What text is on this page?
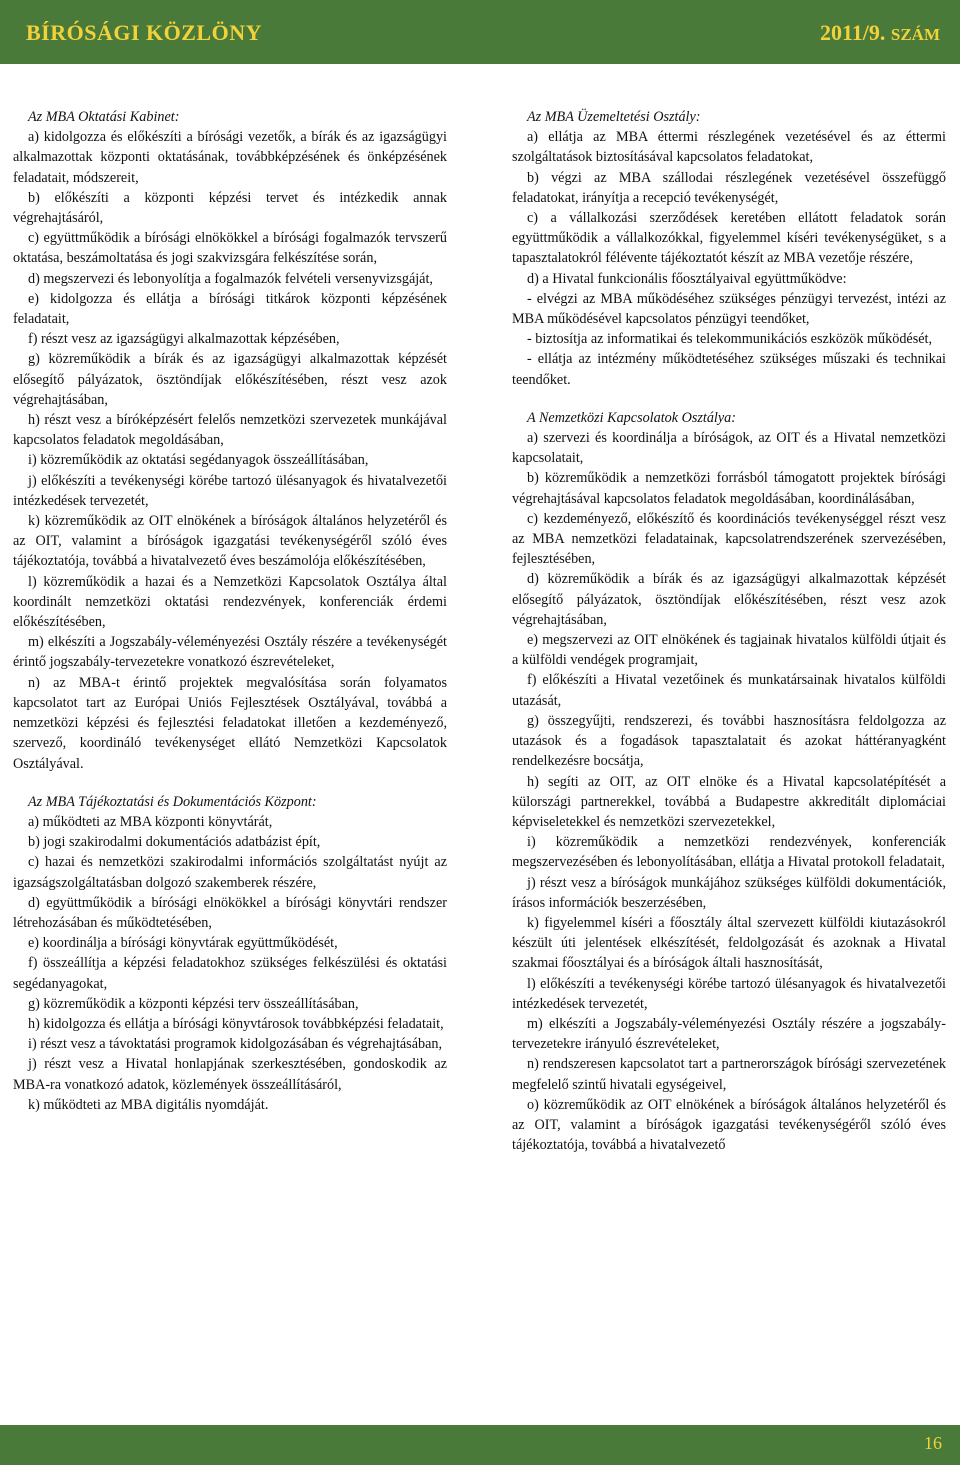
BÍRÓSÁGI KÖZLÖNY	2011/9. SZÁM

Az MBA Oktatási Kabinet:

a) kidolgozza és előkészíti a bírósági vezetők, a bírák és az igazságügyi alkalmazottak központi oktatásának, továbbképzésének és önképzésének feladatait, módszereit,

b) előkészíti a központi képzési tervet és intézkedik annak végrehajtásáról,

c) együttműködik a bírósági elnökökkel a bírósági fogalmazók tervszerű oktatása, beszámoltatása és jogi szakvizsgára felkészítése során,

d) megszervezi és lebonyolítja a fogalmazók felvételi versenyvizsgáját,

e) kidolgozza és ellátja a bírósági titkárok központi képzésének feladatait,

f) részt vesz az igazságügyi alkalmazottak képzésében,

g) közreműködik a bírák és az igazságügyi alkalmazottak képzését elősegítő pályázatok, ösztöndíjak előkészítésében, részt vesz azok végrehajtásában,

h) részt vesz a bíróképzésért felelős nemzetközi szervezetek munkájával kapcsolatos feladatok megoldásában,

i) közreműködik az oktatási segédanyagok összeállításában,

j) előkészíti a tevékenységi körébe tartozó ülésanyagok és hivatalvezetői intézkedések tervezetét,

k) közreműködik az OIT elnökének a bíróságok általános helyzetéről és az OIT, valamint a bíróságok igazgatási tevékenységéről szóló éves tájékoztatója, továbbá a hivatalvezető éves beszámolója előkészítésében,

l) közreműködik a hazai és a Nemzetközi Kapcsolatok Osztálya által koordinált nemzetközi oktatási rendezvények, konferenciák érdemi előkészítésében,

m) elkészíti a Jogszabály-véleményezési Osztály részére a tevékenységét érintő jogszabály-tervezetekre vonatkozó észrevételeket,

n) az MBA-t érintő projektek megvalósítása során folyamatos kapcsolatot tart az Európai Uniós Fejlesztések Osztályával, továbbá a nemzetközi képzési és fejlesztési feladatokat illetően a kezdeményező, szervező, koordináló tevékenységet ellátó Nemzetközi Kapcsolatok Osztályával.

Az MBA Tájékoztatási és Dokumentációs Központ:

a) működteti az MBA központi könyvtárát,

b) jogi szakirodalmi dokumentációs adatbázist épít,

c) hazai és nemzetközi szakirodalmi információs szolgáltatást nyújt az igazságszolgáltatásban dolgozó szakemberek részére,

d) együttműködik a bírósági elnökökkel a bírósági könyvtári rendszer létrehozásában és működtetésében,

e) koordinálja a bírósági könyvtárak együttműködését,

f) összeállítja a képzési feladatokhoz szükséges felkészülési és oktatási segédanyagokat,

g) közreműködik a központi képzési terv összeállításában,

h) kidolgozza és ellátja a bírósági könyvtárosok továbbképzési feladatait,

i) részt vesz a távoktatási programok kidolgozásában és végrehajtásában,

j) részt vesz a Hivatal honlapjának szerkesztésében, gondoskodik az MBA-ra vonatkozó adatok, közlemények összeállításáról,

k) működteti az MBA digitális nyomdáját.

Az MBA Üzemeltetési Osztály:

a) ellátja az MBA éttermi részlegének vezetésével és az éttermi szolgáltatások biztosításával kapcsolatos feladatokat,

b) végzi az MBA szállodai részlegének vezetésével összefüggő feladatokat, irányítja a recepció tevékenységét,

c) a vállalkozási szerződések keretében ellátott feladatok során együttműködik a vállalkozókkal, figyelemmel kíséri tevékenységüket, s a tapasztalatokról félévente tájékoztatót készít az MBA vezetője részére,

d) a Hivatal funkcionális főosztályaival együttműködve:

- elvégzi az MBA működéséhez szükséges pénzügyi tervezést, intézi az MBA működésével kapcsolatos pénzügyi teendőket,

- biztosítja az informatikai és telekommunikációs eszközök működését,

- ellátja az intézmény működtetéséhez szükséges műszaki és technikai teendőket.

A Nemzetközi Kapcsolatok Osztálya:

a) szervezi és koordinálja a bíróságok, az OIT és a Hivatal nemzetközi kapcsolatait,

b) közreműködik a nemzetközi forrásból támogatott projektek bírósági végrehajtásával kapcsolatos feladatok megoldásában, koordinálásában,

c) kezdeményező, előkészítő és koordinációs tevékenységgel részt vesz az MBA nemzetközi feladatainak, kapcsolatrendszerének szervezésében, fejlesztésében,

d) közreműködik a bírák és az igazságügyi alkalmazottak képzését elősegítő pályázatok, ösztöndíjak előkészítésében, részt vesz azok végrehajtásában,

e) megszervezi az OIT elnökének és tagjainak hivatalos külföldi útjait és a külföldi vendégek programjait,

f) előkészíti a Hivatal vezetőinek és munkatársainak hivatalos külföldi utazását,

g) összegyűjti, rendszerezi, és további hasznosításra feldolgozza az utazások és a fogadások tapasztalatait és azokat háttéranyagként rendelkezésre bocsátja,

h) segíti az OIT, az OIT elnöke és a Hivatal kapcsolatépítését a külországi partnerekkel, továbbá a Budapestre akkreditált diplomáciai képviseletekkel és nemzetközi szervezetekkel,

i) közreműködik a nemzetközi rendezvények, konferenciák megszervezésében és lebonyolításában, ellátja a Hivatal protokoll feladatait,

j) részt vesz a bíróságok munkájához szükséges külföldi dokumentációk, írásos információk beszerzésében,

k) figyelemmel kíséri a főosztály által szervezett külföldi kiutazásokról készült úti jelentések elkészítését, feldolgozását és azoknak a Hivatal szakmai főosztályai és a bíróságok általi hasznosítását,

l) előkészíti a tevékenységi körébe tartozó ülésanyagok és hivatalvezetői intézkedések tervezetét,

m) elkészíti a Jogszabály-véleményezési Osztály részére a jogszabály-tervezetekre irányuló észrevételeket,

n) rendszeresen kapcsolatot tart a partnerországok bírósági szervezetének megfelelő szintű hivatali egységeivel,

o) közreműködik az OIT elnökének a bíróságok általános helyzetéről és az OIT, valamint a bíróságok igazgatási tevékenységéről szóló éves tájékoztatója, továbbá a hivatalvezető

16
